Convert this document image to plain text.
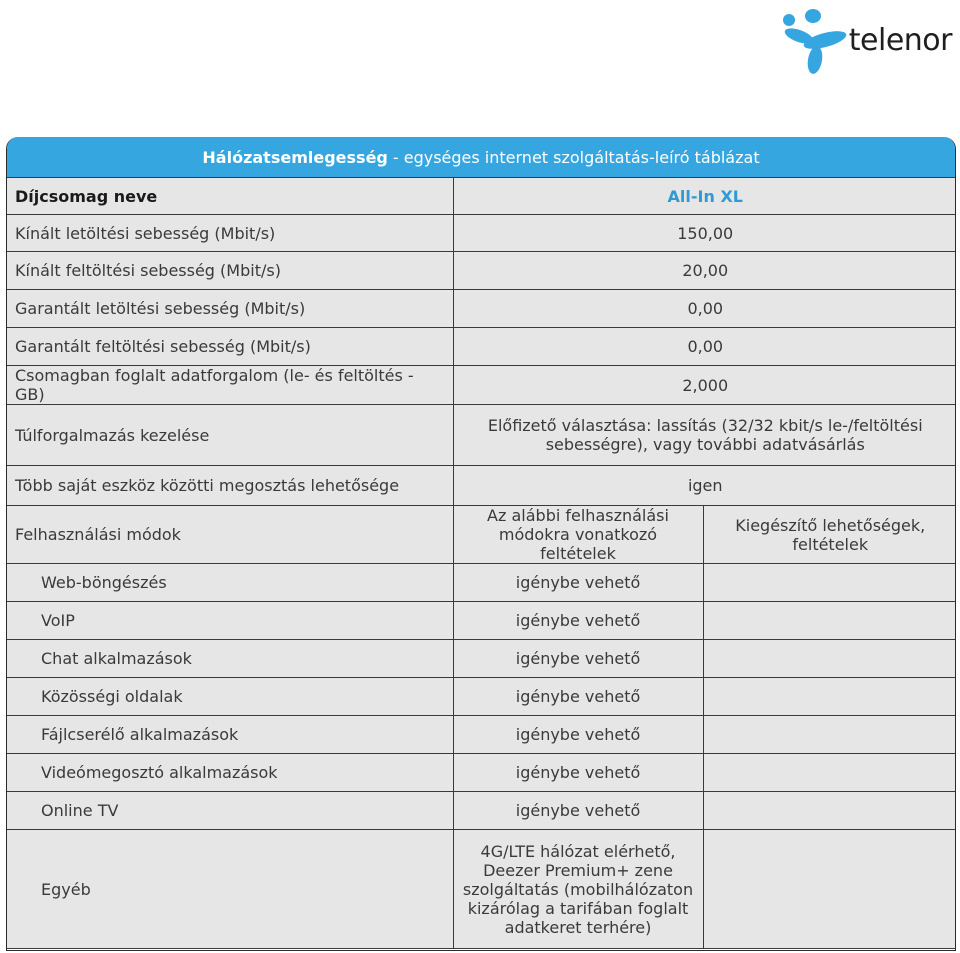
telenor
Hálózatsemlegesség - egységes internet szolgáltatás-leíró táblázat
Díjcsomag neve	All-In XL	
Kínált letöltési sebesség (Mbit/s)	150,00	
Kínált feltöltési sebesség (Mbit/s)	20,00	
Garantált letöltési sebesség (Mbit/s)	0,00	
Garantált feltöltési sebesség (Mbit/s)	0,00	
Csomagban foglalt adatforgalom (le- és feltöltés - GB)	2,000	
Túlforgalmazás kezelése	Előfizető választása: lassítás (32/32 kbit/s le-/feltöltési sebességre), vagy további adatvásárlás	
Több saját eszköz közötti megosztás lehetősége	igen	
Felhasználási módok	Az alábbi felhasználási módokra vonatkozó feltételek	Kiegészítő lehetőségek, feltételek
Web-böngészés	igénybe vehető	
VoIP	igénybe vehető	
Chat alkalmazások	igénybe vehető	
Közösségi oldalak	igénybe vehető	
Fájlcserélő alkalmazások	igénybe vehető	
Videómegosztó alkalmazások	igénybe vehető	
Online TV	igénybe vehető	
Egyéb	4G/LTE hálózat elérhető, Deezer Premium+ zene szolgáltatás (mobilhálózaton kizárólag a tarifában foglalt adatkeret terhére)	
